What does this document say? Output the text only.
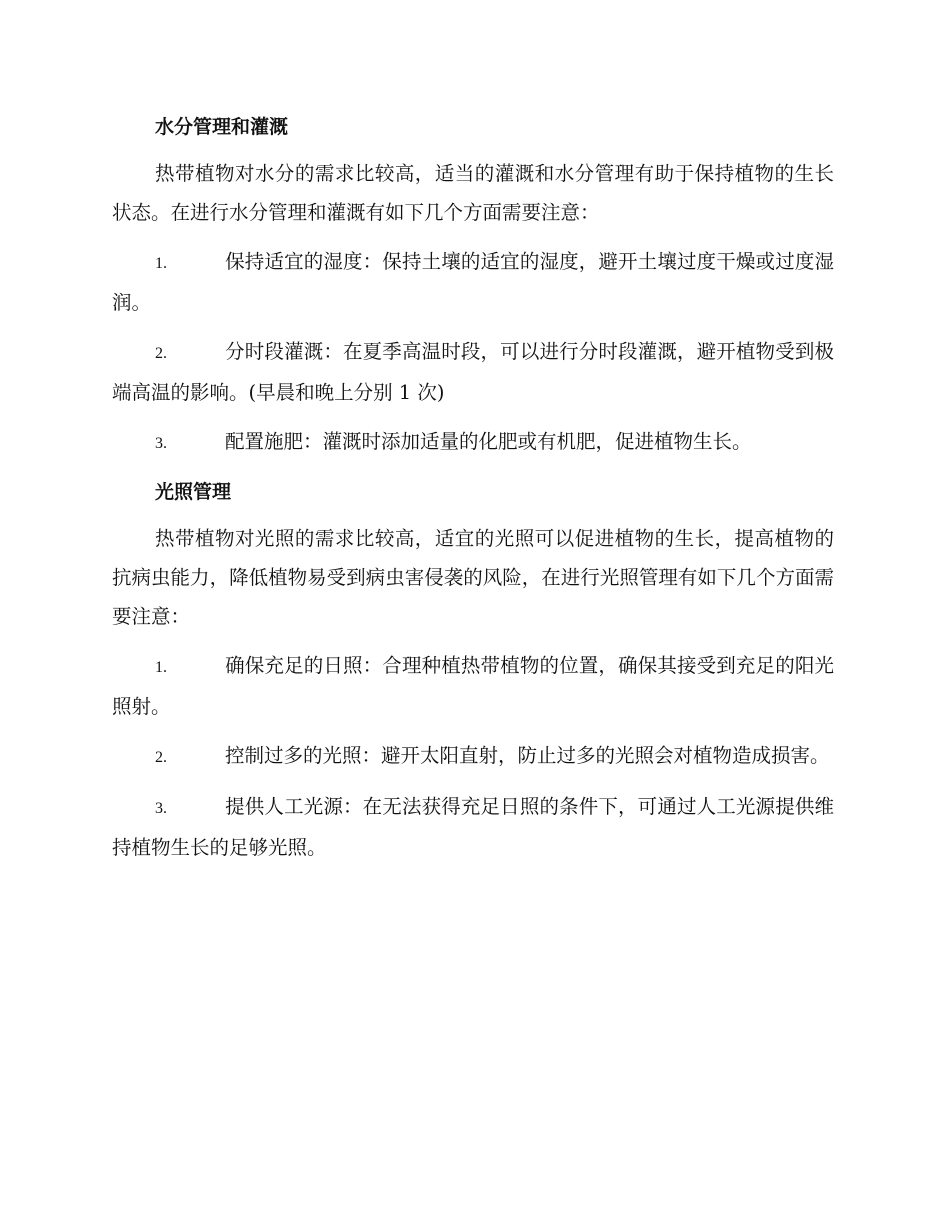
水分管理和灌溉

热带植物对水分的需求比较高，适当的灌溉和水分管理有助于保持植物的生长状态。在进行水分管理和灌溉有如下几个方面需要注意：

1.	保持适宜的湿度：保持土壤的适宜的湿度，避开土壤过度干燥或过度湿润。

2.	分时段灌溉：在夏季高温时段，可以进行分时段灌溉，避开植物受到极端高温的影响。(早晨和晚上分别 1 次)

3.	配置施肥：灌溉时添加适量的化肥或有机肥，促进植物生长。

光照管理

热带植物对光照的需求比较高，适宜的光照可以促进植物的生长，提高植物的抗病虫能力，降低植物易受到病虫害侵袭的风险，在进行光照管理有如下几个方面需要注意：

1.	确保充足的日照：合理种植热带植物的位置，确保其接受到充足的阳光照射。

2.	控制过多的光照：避开太阳直射，防止过多的光照会对植物造成损害。

3.	提供人工光源：在无法获得充足日照的条件下，可通过人工光源提供维持植物生长的足够光照。
